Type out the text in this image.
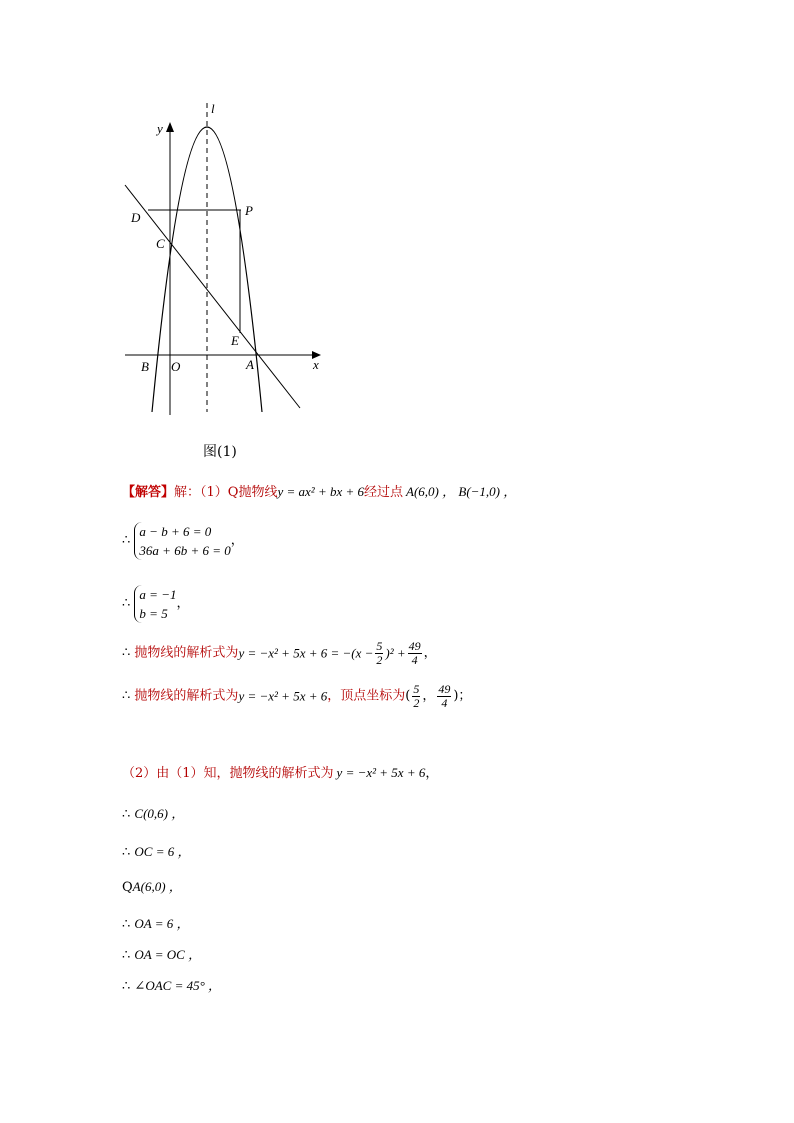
l
y
x
D	P
C
E
B O	A
图(1)
【解答】解：（1）Q抛物线y = ax² + bx + 6经过点 A(6,0) ， B(−1,0) ，
∴
a − b + 6 = 0
36a + 6b + 6 = 0
，
∴
a = −1
b = 5
，
∴ 抛物线的解析式为$y = -x^2 + 5x + 6 = -(x - \frac{5}{2} )^2 + \frac{49}{4}$ ，
∴ 抛物线的解析式为y = −x² + 5x + 6，顶点坐标为( $\frac{5}{2}$ ， $\frac{49}{4}$ )；
（2）由（1）知，抛物线的解析式为 y = −x² + 5x + 6，
∴ C(0,6) ，
∴ OC = 6 ，
QA(6,0) ，
∴ OA = 6 ，
∴ OA = OC ，
∴ ∠OAC = 45° ，
